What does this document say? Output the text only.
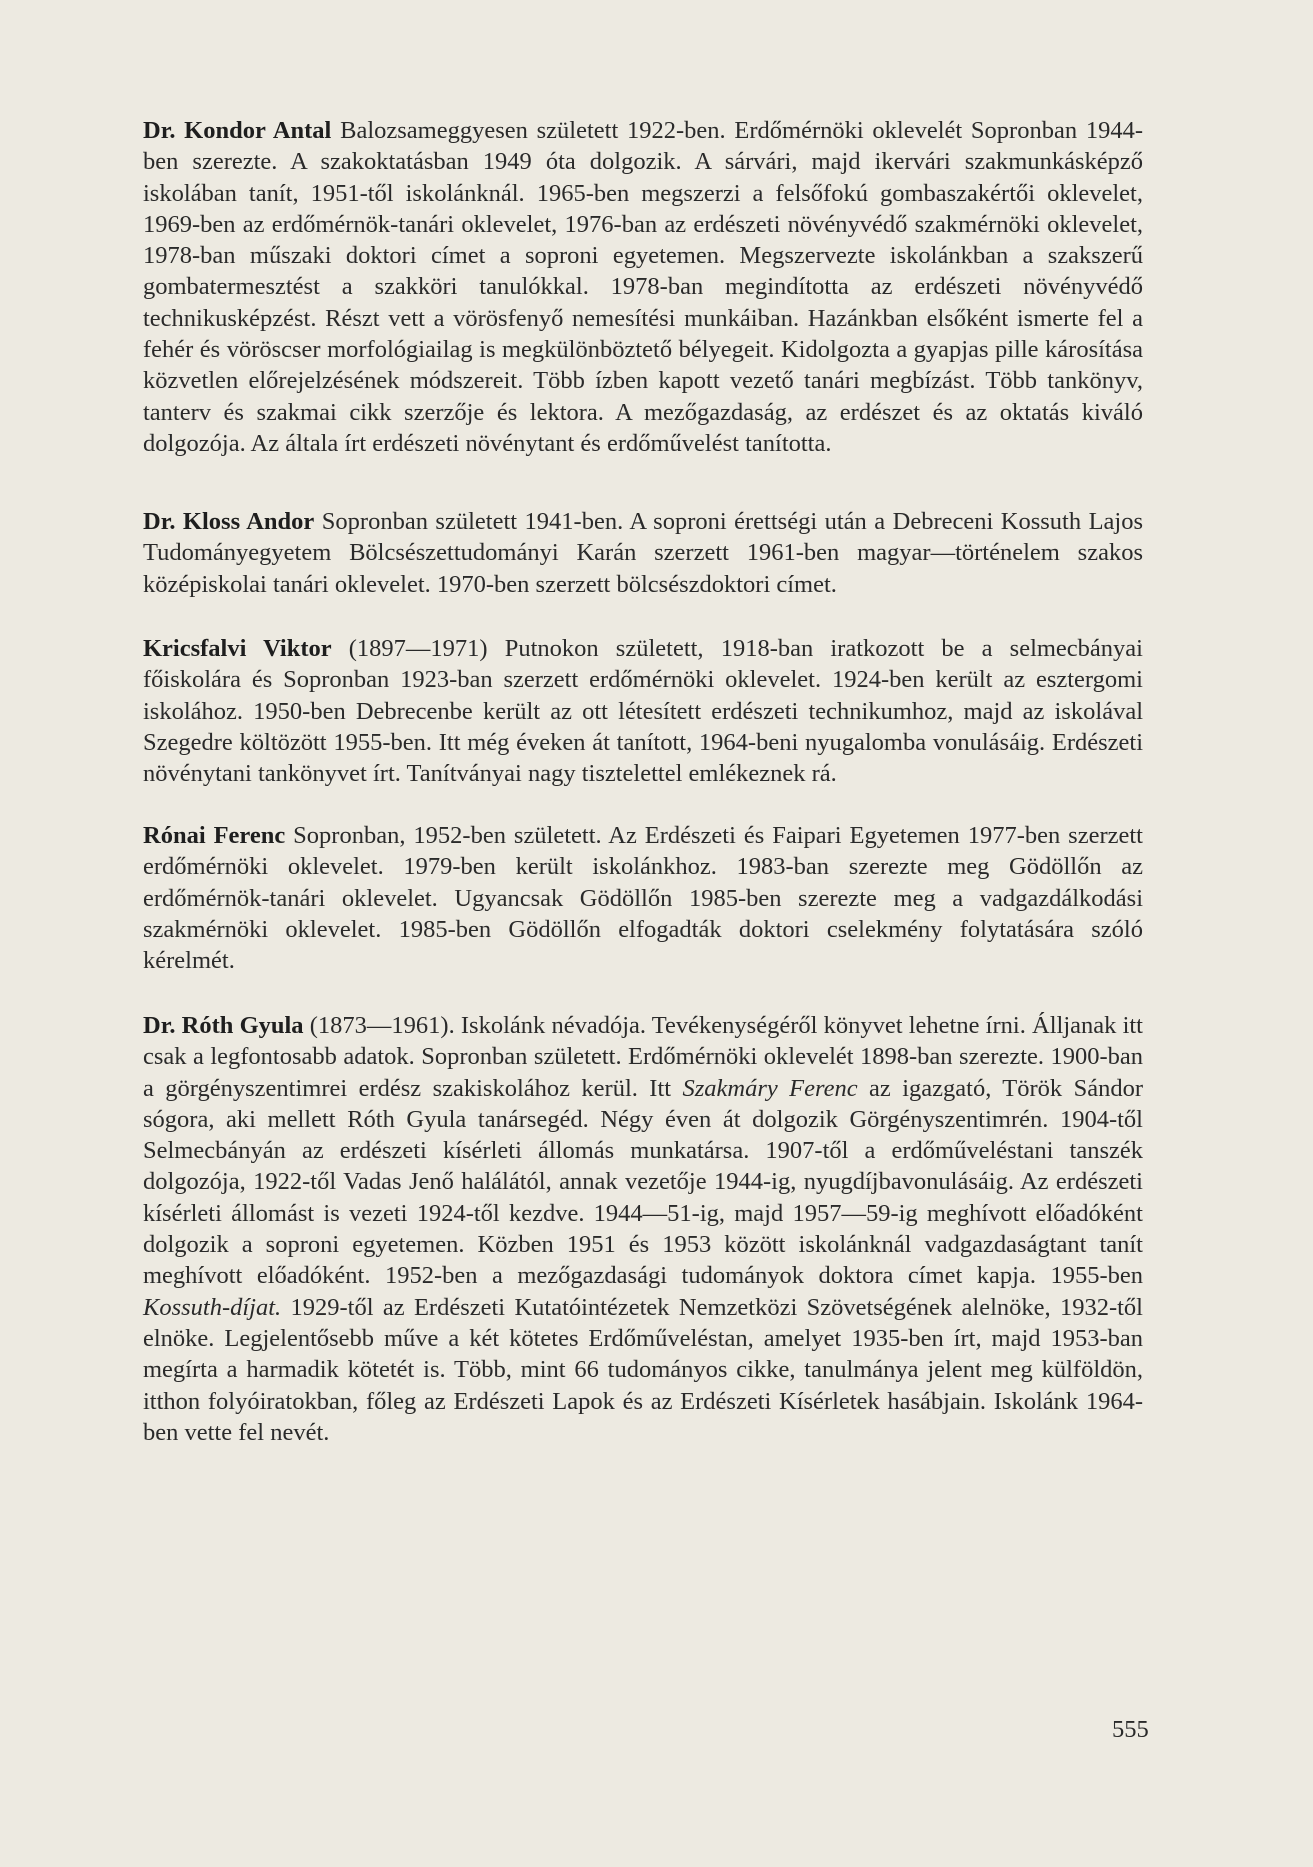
Dr. Kondor Antal Balozsameggyesen született 1922-ben. Erdőmérnöki oklevelét Sopronban 1944-ben szerezte. A szakoktatásban 1949 óta dolgozik. A sárvári, majd ikervári szakmunkásképző iskolában tanít, 1951-től iskolánknál. 1965-ben megszerzi a felsőfokú gombaszakértői oklevelet, 1969-ben az erdőmérnök-tanári oklevelet, 1976-ban az erdészeti növényvédő szakmérnöki oklevelet, 1978-ban műszaki doktori címet a soproni egyetemen. Megszervezte iskolánkban a szakszerű gombatermesztést a szakköri tanulókkal. 1978-ban megindította az erdészeti növényvédő technikusképzést. Részt vett a vörösfenyő nemesítési munkáiban. Hazánkban elsőként ismerte fel a fehér és vöröscser morfológiailag is megkülönböztető bélyegeit. Kidolgozta a gyapjas pille károsítása közvetlen előrejelzésének módszereit. Több ízben kapott vezető tanári megbízást. Több tankönyv, tanterv és szakmai cikk szerzője és lektora. A mezőgazdaság, az erdészet és az oktatás kiváló dolgozója. Az általa írt erdészeti növénytant és erdőművelést tanította.

Dr. Kloss Andor Sopronban született 1941-ben. A soproni érettségi után a Debreceni Kossuth Lajos Tudományegyetem Bölcsészettudományi Karán szerzett 1961-ben magyar—történelem szakos középiskolai tanári oklevelet. 1970-ben szerzett bölcsészdoktori címet.

Kricsfalvi Viktor (1897—1971) Putnokon született, 1918-ban iratkozott be a selmecbányai főiskolára és Sopronban 1923-ban szerzett erdőmérnöki oklevelet. 1924-ben került az esztergomi iskolához. 1950-ben Debrecenbe került az ott létesített erdészeti technikumhoz, majd az iskolával Szegedre költözött 1955-ben. Itt még éveken át tanított, 1964-beni nyugalomba vonulásáig. Erdészeti növénytani tankönyvet írt. Tanítványai nagy tisztelettel emlékeznek rá.

Rónai Ferenc Sopronban, 1952-ben született. Az Erdészeti és Faipari Egyetemen 1977-ben szerzett erdőmérnöki oklevelet. 1979-ben került iskolánkhoz. 1983-ban szerezte meg Gödöllőn az erdőmérnök-tanári oklevelet. Ugyancsak Gödöllőn 1985-ben szerezte meg a vadgazdálkodási szakmérnöki oklevelet. 1985-ben Gödöllőn elfogadták doktori cselekmény folytatására szóló kérelmét.

Dr. Róth Gyula (1873—1961). Iskolánk névadója. Tevékenységéről könyvet lehetne írni. Álljanak itt csak a legfontosabb adatok. Sopronban született. Erdőmérnöki oklevelét 1898-ban szerezte. 1900-ban a görgényszentimrei erdész szakiskolához kerül. Itt Szakmáry Ferenc az igazgató, Török Sándor sógora, aki mellett Róth Gyula tanársegéd. Négy éven át dolgozik Görgényszentimrén. 1904-től Selmecbányán az erdészeti kísérleti állomás munkatársa. 1907-től a erdőműveléstani tanszék dolgozója, 1922-től Vadas Jenő halálától, annak vezetője 1944-ig, nyugdíjbavonulásáig. Az erdészeti kísérleti állomást is vezeti 1924-től kezdve. 1944—51-ig, majd 1957—59-ig meghívott előadóként dolgozik a soproni egyetemen. Közben 1951 és 1953 között iskolánknál vadgazdaságtant tanít meghívott előadóként. 1952-ben a mezőgazdasági tudományok doktora címet kapja. 1955-ben Kossuth-díjat. 1929-től az Erdészeti Kutatóintézetek Nemzetközi Szövetségének alelnöke, 1932-től elnöke. Legjelentősebb műve a két kötetes Erdőműveléstan, amelyet 1935-ben írt, majd 1953-ban megírta a harmadik kötetét is. Több, mint 66 tudományos cikke, tanulmánya jelent meg külföldön, itthon folyóiratokban, főleg az Erdészeti Lapok és az Erdészeti Kísérletek hasábjain. Iskolánk 1964-ben vette fel nevét.

555
